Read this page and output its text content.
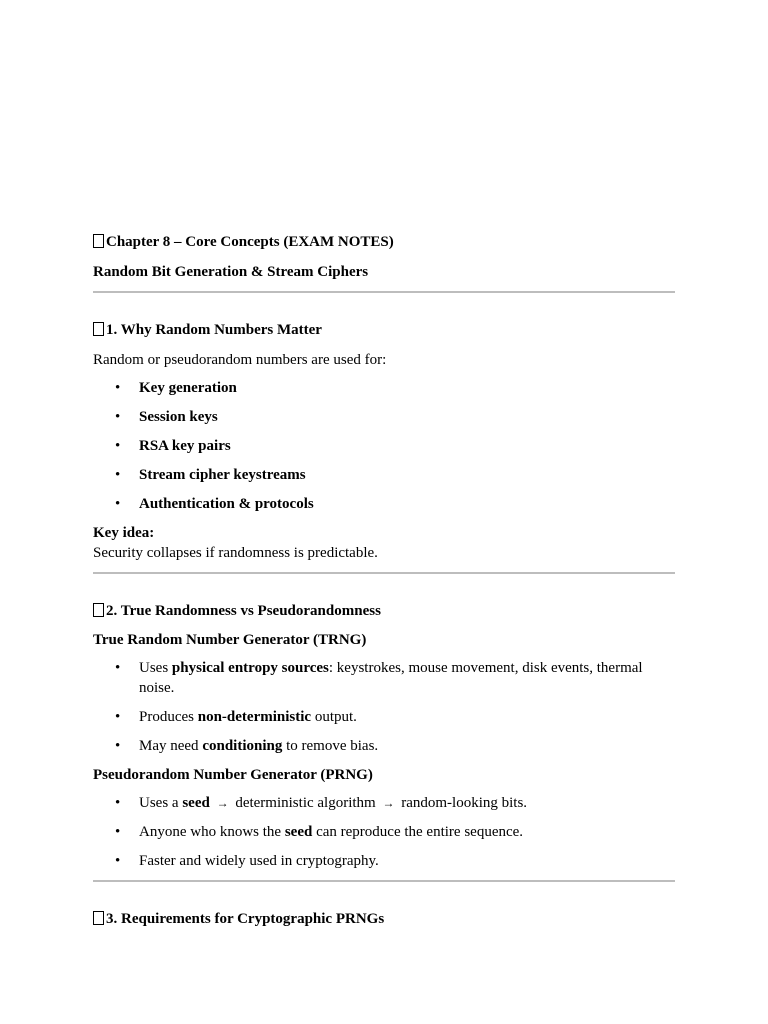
Chapter 8 – Core Concepts (EXAM NOTES)

Random Bit Generation & Stream Ciphers

1. Why Random Numbers Matter

Random or pseudorandom numbers are used for:

• Key generation
• Session keys
• RSA key pairs
• Stream cipher keystreams
• Authentication & protocols

Key idea:

Security collapses if randomness is predictable.

2. True Randomness vs Pseudorandomness

True Random Number Generator (TRNG)

• Uses physical entropy sources: keystrokes, mouse movement, disk events, thermal noise.
• Produces non-deterministic output.
• May need conditioning to remove bias.

Pseudorandom Number Generator (PRNG)

• Uses a seed → deterministic algorithm → random-looking bits.
• Anyone who knows the seed can reproduce the entire sequence.
• Faster and widely used in cryptography.

3. Requirements for Cryptographic PRNGs
